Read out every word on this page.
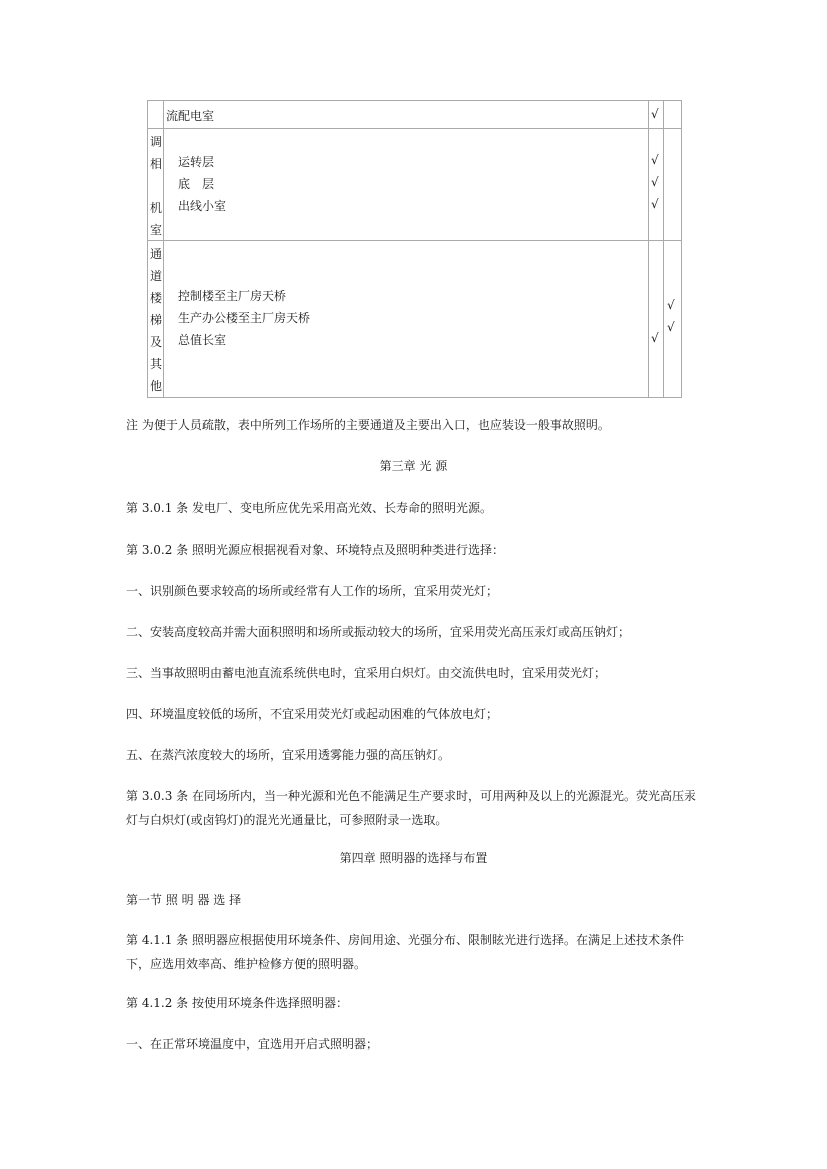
流配电室	√
调
相
机
室
运转层
底　层
出线小室
√
√
√
通
道
楼
梯
及
其
他
控制楼至主厂房天桥
生产办公楼至主厂房天桥
总值长室	√
√
√
注 为便于人员疏散，表中所列工作场所的主要通道及主要出入口，也应装设一般事故照明。
第三章 光 源
第 3.0.1 条 发电厂、变电所应优先采用高光效、长寿命的照明光源。
第 3.0.2 条 照明光源应根据视看对象、环境特点及照明种类进行选择：
一、识别颜色要求较高的场所或经常有人工作的场所，宜采用荧光灯；
二、安装高度较高并需大面积照明和场所或振动较大的场所，宜采用荧光高压汞灯或高压钠灯；
三、当事故照明由蓄电池直流系统供电时，宜采用白炽灯。由交流供电时，宜采用荧光灯；
四、环境温度较低的场所，不宜采用荧光灯或起动困难的气体放电灯；
五、在蒸汽浓度较大的场所，宜采用透雾能力强的高压钠灯。
第 3.0.3 条 在同场所内，当一种光源和光色不能满足生产要求时，可用两种及以上的光源混光。荧光高压汞灯与白炽灯(或卤钨灯)的混光光通量比，可参照附录一选取。
第四章 照明器的选择与布置
第一节 照 明 器 选 择
第 4.1.1 条 照明器应根据使用环境条件、房间用途、光强分布、限制眩光进行选择。在满足上述技术条件下，应选用效率高、维护检修方便的照明器。
第 4.1.2 条 按使用环境条件选择照明器：
一、在正常环境温度中，宜选用开启式照明器；
